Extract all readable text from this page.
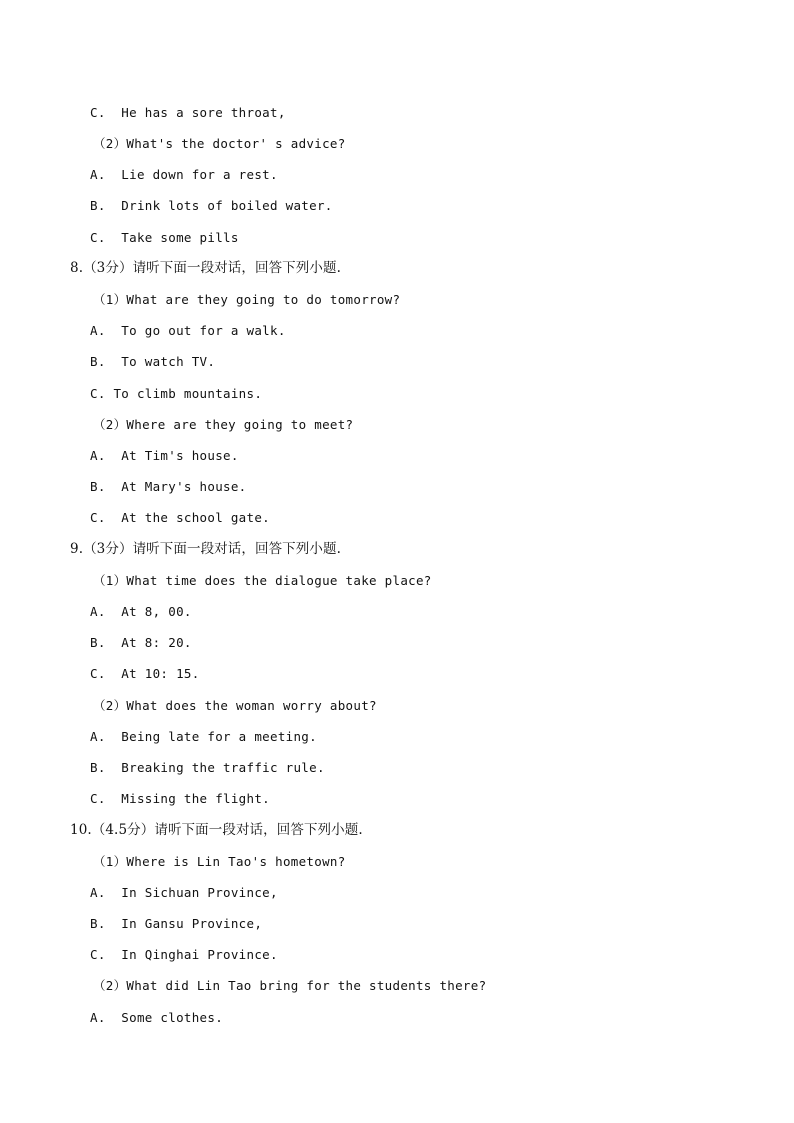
C.  He has a sore throat,
（2）What's the doctor' s advice?
A.  Lie down for a rest.
B.  Drink lots of boiled water.
C.  Take some pills
8.（3分）请听下面一段对话，回答下列小题.
（1）What are they going to do tomorrow?
A.  To go out for a walk.
B.  To watch TV.
C. To climb mountains.
（2）Where are they going to meet?
A.  At Tim's house.
B.  At Mary's house.
C.  At the school gate.
9.（3分）请听下面一段对话，回答下列小题.
（1）What time does the dialogue take place?
A.  At 8, 00.
B.  At 8: 20.
C.  At 10: 15.
（2）What does the woman worry about?
A.  Being late for a meeting.
B.  Breaking the traffic rule.
C.  Missing the flight.
10.（4.5分）请听下面一段对话，回答下列小题.
（1）Where is Lin Tao's hometown?
A.  In Sichuan Province,
B.  In Gansu Province,
C.  In Qinghai Province.
（2）What did Lin Tao bring for the students there?
A.  Some clothes.
